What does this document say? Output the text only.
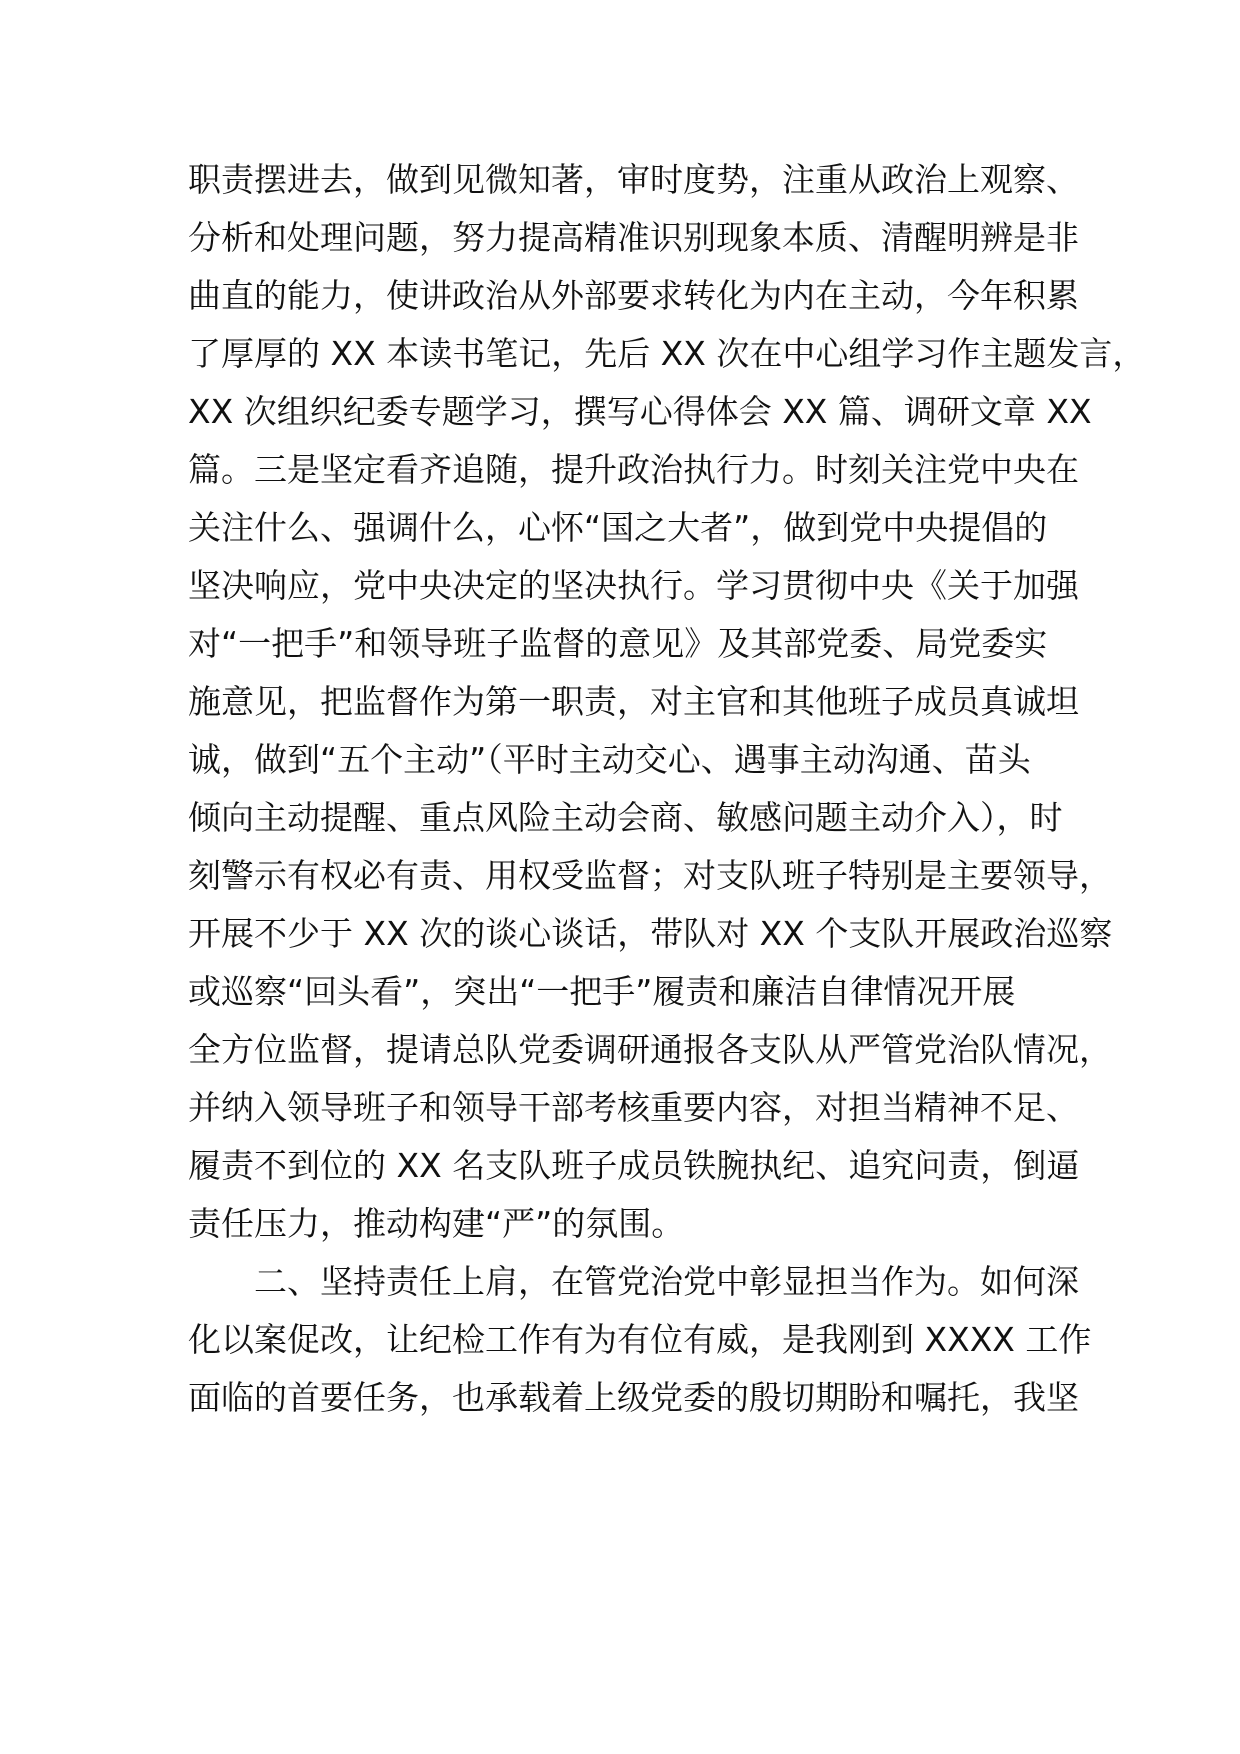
职责摆进去，做到见微知著，审时度势，注重从政治上观察、
分析和处理问题，努力提高精准识别现象本质、清醒明辨是非
曲直的能力，使讲政治从外部要求转化为内在主动，今年积累
了厚厚的 XX 本读书笔记，先后 XX 次在中心组学习作主题发言，
XX 次组织纪委专题学习，撰写心得体会 XX 篇、调研文章 XX
篇。三是坚定看齐追随，提升政治执行力。时刻关注党中央在
关注什么、强调什么，心怀“国之大者”，做到党中央提倡的
坚决响应，党中央决定的坚决执行。学习贯彻中央《关于加强
对“一把手”和领导班子监督的意见》及其部党委、局党委实
施意见，把监督作为第一职责，对主官和其他班子成员真诚坦
诚，做到“五个主动”（平时主动交心、遇事主动沟通、苗头
倾向主动提醒、重点风险主动会商、敏感问题主动介入），时
刻警示有权必有责、用权受监督；对支队班子特别是主要领导，
开展不少于 XX 次的谈心谈话，带队对 XX 个支队开展政治巡察
或巡察“回头看”，突出“一把手”履责和廉洁自律情况开展
全方位监督，提请总队党委调研通报各支队从严管党治队情况，
并纳入领导班子和领导干部考核重要内容，对担当精神不足、
履责不到位的 XX 名支队班子成员铁腕执纪、追究问责，倒逼
责任压力，推动构建“严”的氛围。
二、坚持责任上肩，在管党治党中彰显担当作为。如何深
化以案促改，让纪检工作有为有位有威，是我刚到 XXXX 工作
面临的首要任务，也承载着上级党委的殷切期盼和嘱托，我坚
